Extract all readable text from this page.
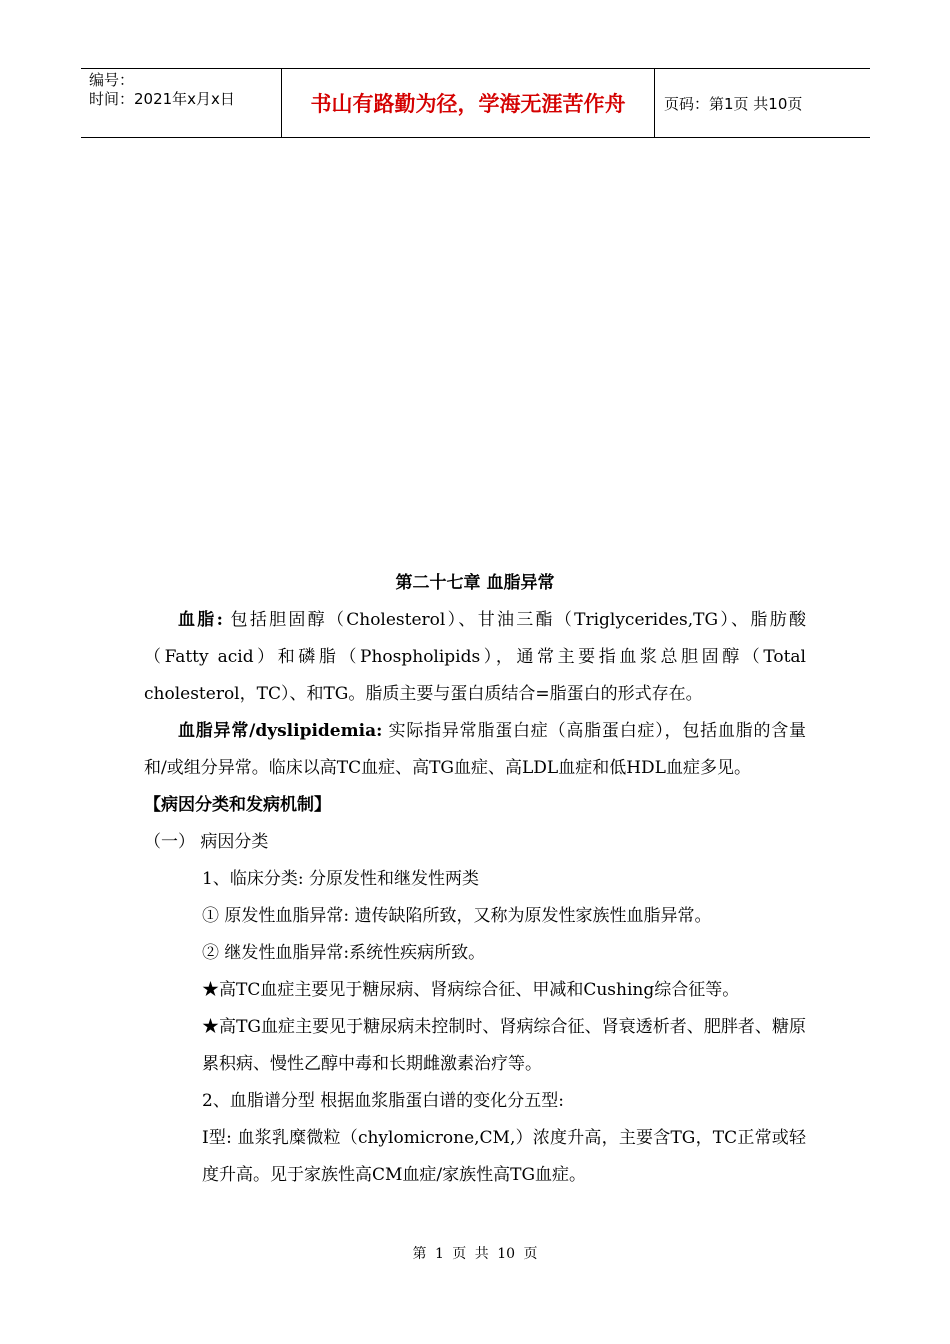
编号：
时间：2021年x月x日	书山有路勤为径，学海无涯苦作舟	页码：第1页 共10页
第二十七章 血脂异常

血脂: 包括胆固醇（Cholesterol）、甘油三酯（Triglycerides,TG）、脂肪酸（Fatty acid）和磷脂（Phospholipids），通常主要指血浆总胆固醇（Total cholesterol，TC）、和TG。脂质主要与蛋白质结合=脂蛋白的形式存在。

血脂异常/dyslipidemia: 实际指异常脂蛋白症（高脂蛋白症），包括血脂的含量和/或组分异常。临床以高TC血症、高TG血症、高LDL血症和低HDL血症多见。

【病因分类和发病机制】

（一） 病因分类

1、临床分类: 分原发性和继发性两类

① 原发性血脂异常: 遗传缺陷所致，又称为原发性家族性血脂异常。

② 继发性血脂异常:系统性疾病所致。

★高TC血症主要见于糖尿病、肾病综合征、甲减和Cushing综合征等。

★高TG血症主要见于糖尿病未控制时、肾病综合征、肾衰透析者、肥胖者、糖原累积病、慢性乙醇中毒和长期雌激素治疗等。

2、血脂谱分型 根据血浆脂蛋白谱的变化分五型:

Ⅰ型: 血浆乳糜微粒（chylomicrone,CM,）浓度升高，主要含TG，TC正常或轻度升高。见于家族性高CM血症/家族性高TG血症。

第 1 页 共 10 页
